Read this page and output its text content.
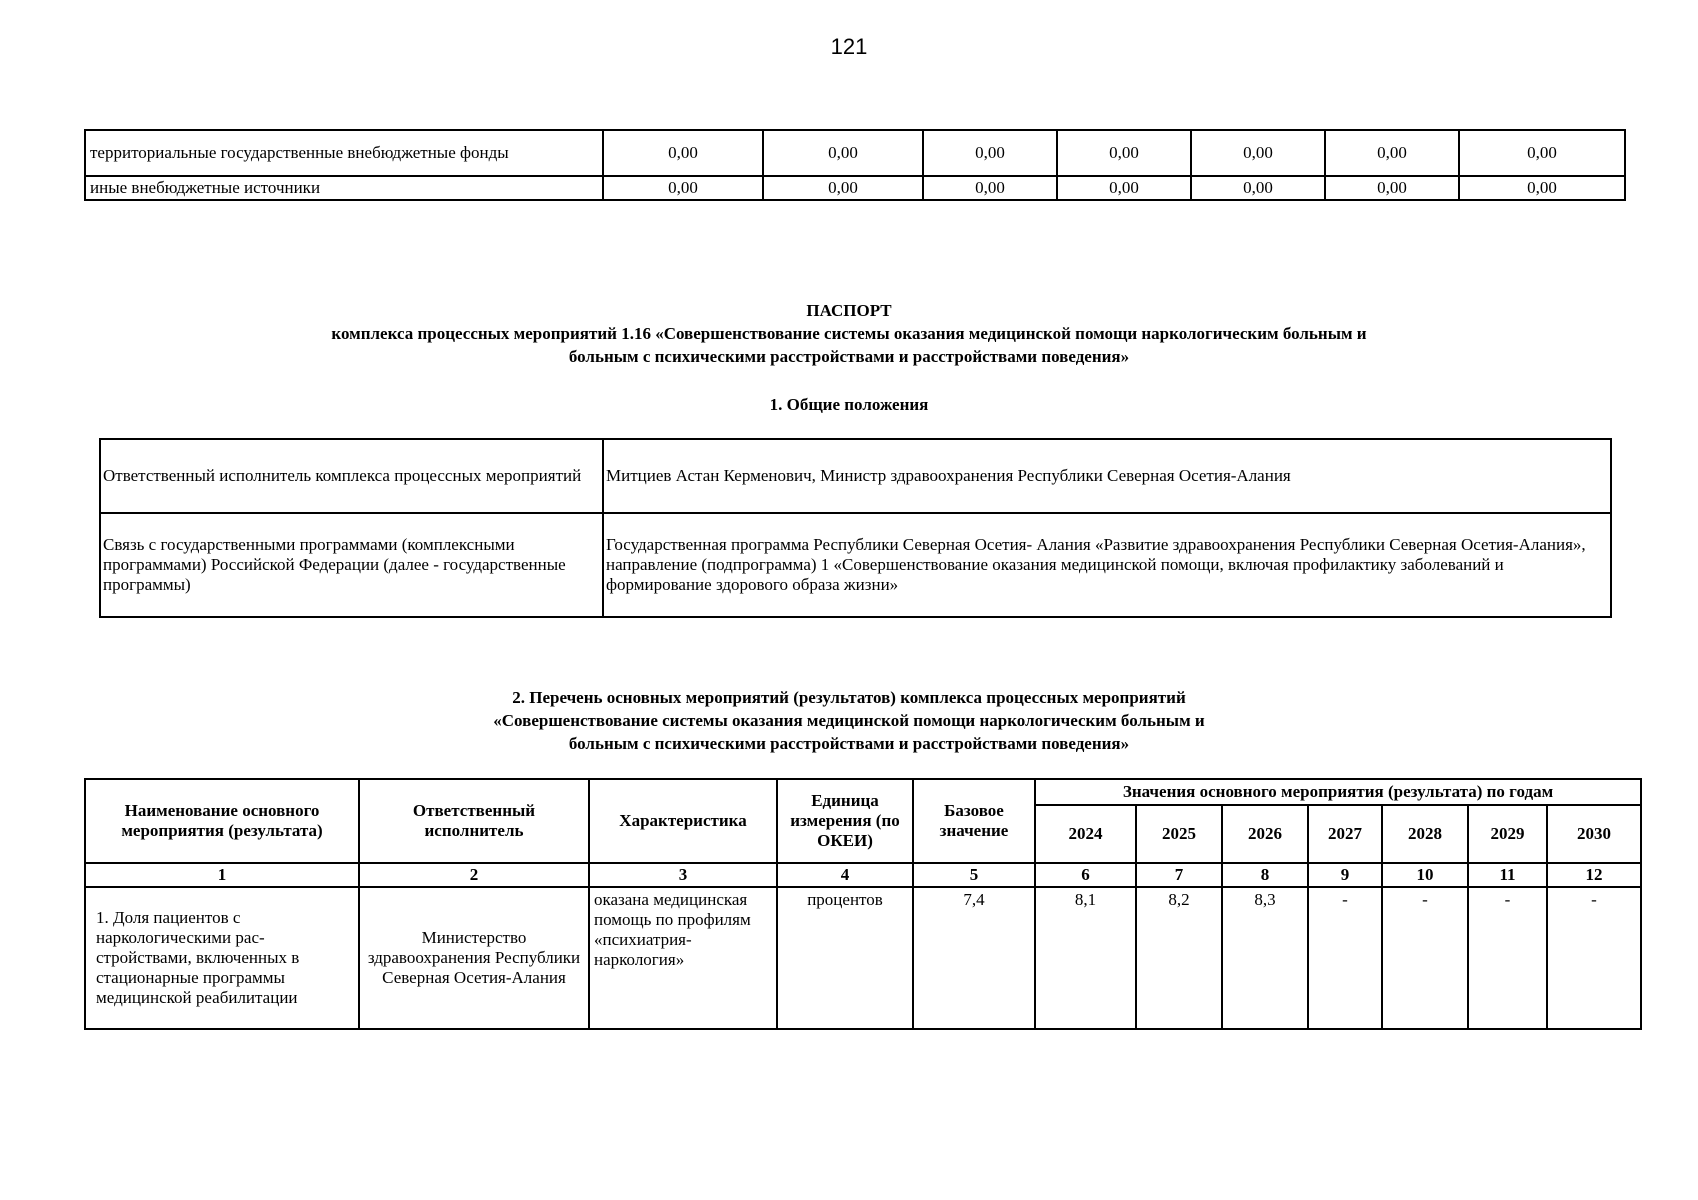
121
территориальные государственные внебюджетные фонды	0,00	0,00	0,00	0,00	0,00	0,00	0,00
иные внебюджетные источники	0,00	0,00	0,00	0,00	0,00	0,00	0,00
ПАСПОРТ
комплекса процессных мероприятий 1.16 «Совершенствование системы оказания медицинской помощи наркологическим больным и
больным с психическими расстройствами и расстройствами поведения»
1. Общие положения
Ответственный исполнитель комплекса процессных мероприятий	Митциев Астан Керменович, Министр здравоохранения Республики Северная Осетия-Алания

Связь с государственными программами (комплексными программами) Российской Федерации (далее - государственные программы)	Государственная программа Республики Северная Осетия- Алания «Развитие здравоохранения Республики Северная Осетия-Алания»,
направление (подпрограмма) 1 «Совершенствование оказания медицинской помощи, включая профилактику заболеваний и формирование здорового образа жизни»
2. Перечень основных мероприятий (результатов) комплекса процессных мероприятий
«Совершенствование системы оказания медицинской помощи наркологическим больным и
больным с психическими расстройствами и расстройствами поведения»
Наименование основного мероприятия (результата)	Ответственный исполнитель	Характеристика	Единица измерения (по ОКЕИ)	Базовое значение	Значения основного мероприятия (результата) по годам						
					2024	2025	2026	2027	2028	2029	2030
1	2	3	4	5	6	7	8	9	10	11	12
1. Доля пациентов с наркологическими рас-стройствами, включенных в стационарные программы медицинской реабилитации	Министерство здравоохранения Республики Северная Осетия-Алания	оказана медицинская помощь по профилям «психиатрия-наркология»	процентов	7,4	8,1	8,2	8,3	-	-	-	-
